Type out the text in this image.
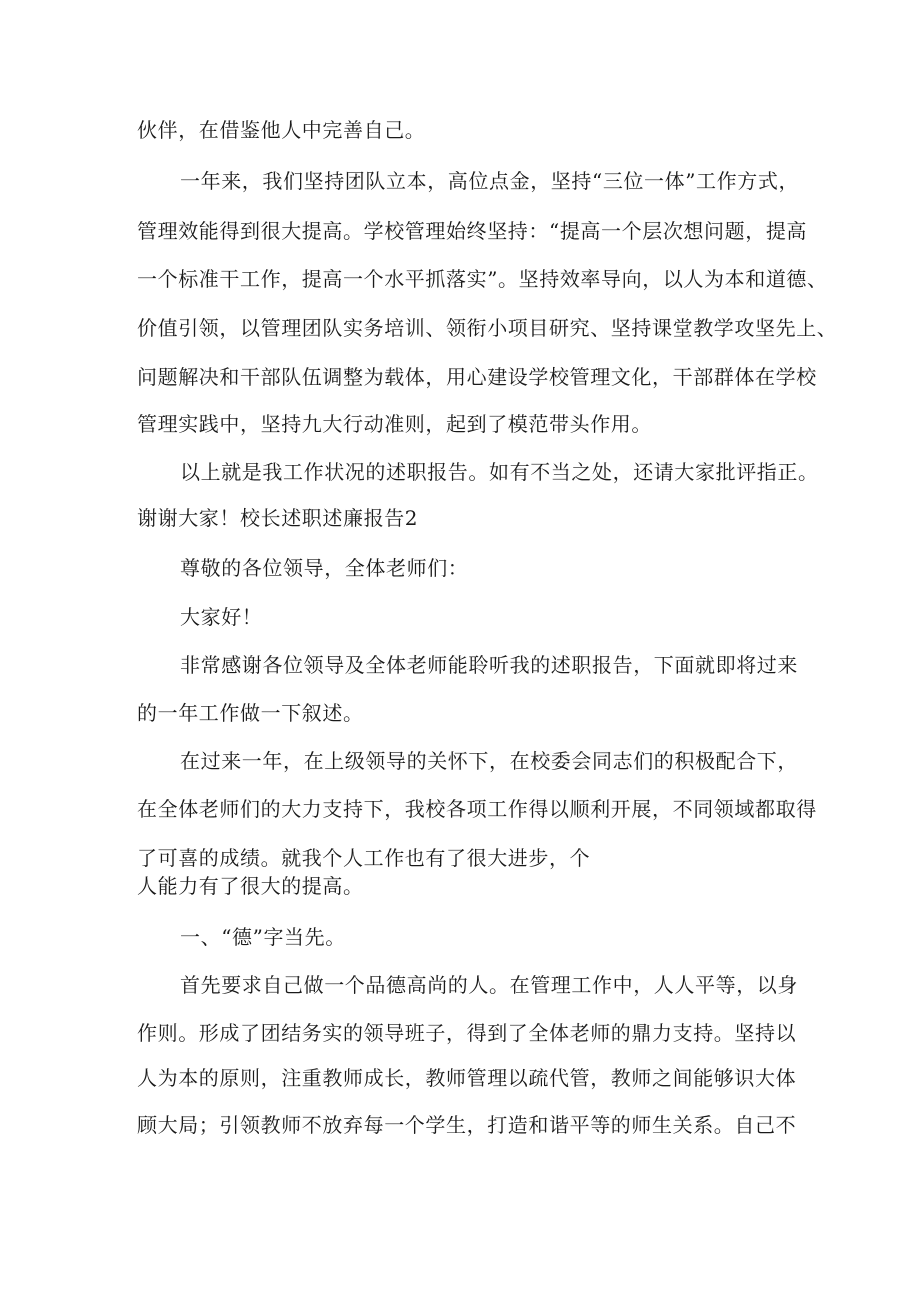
伙伴，在借鉴他人中完善自己。

一年来，我们坚持团队立本，高位点金，坚持“三位一体”工作方式，

管理效能得到很大提高。学校管理始终坚持：“提高一个层次想问题，提高

一个标准干工作，提高一个水平抓落实”。坚持效率导向，以人为本和道德、

价值引领，以管理团队实务培训、领衔小项目研究、坚持课堂教学攻坚先上、

问题解决和干部队伍调整为载体，用心建设学校管理文化，干部群体在学校

管理实践中，坚持九大行动准则，起到了模范带头作用。

以上就是我工作状况的述职报告。如有不当之处，还请大家批评指正。

谢谢大家！校长述职述廉报告2

尊敬的各位领导，全体老师们：

大家好！

非常感谢各位领导及全体老师能聆听我的述职报告，下面就即将过来

的一年工作做一下叙述。

在过来一年，在上级领导的关怀下，在校委会同志们的积极配合下，

在全体老师们的大力支持下，我校各项工作得以顺利开展，不同领域都取得

了可喜的成绩。就我个人工作也有了很大进步，个

人能力有了很大的提高。

一、“德”字当先。

首先要求自己做一个品德高尚的人。在管理工作中，人人平等，以身

作则。形成了团结务实的领导班子，得到了全体老师的鼎力支持。坚持以

人为本的原则，注重教师成长，教师管理以疏代管，教师之间能够识大体

顾大局；引领教师不放弃每一个学生，打造和谐平等的师生关系。自己不
